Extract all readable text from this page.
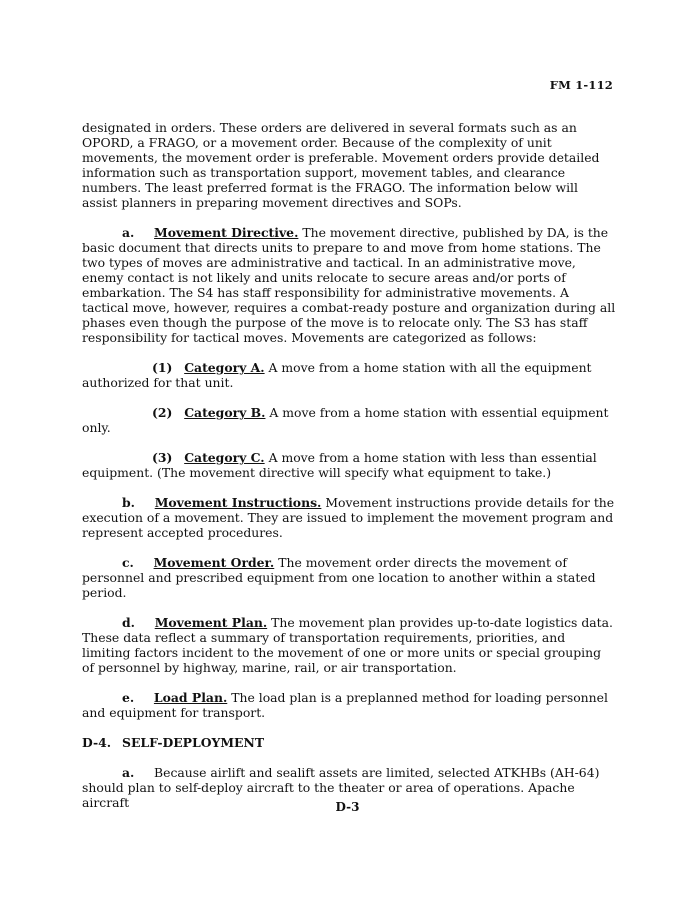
FM 1-112

designated in orders. These orders are delivered in several formats such as an OPORD, a FRAGO, or a movement order. Because of the complexity of unit movements, the movement order is preferable. Movement orders provide detailed information such as transportation support, movement tables, and clearance numbers. The least preferred format is the FRAGO. The information below will assist planners in preparing movement directives and SOPs.

a. Movement Directive. The movement directive, published by DA, is the basic document that directs units to prepare to and move from home stations. The two types of moves are administrative and tactical. In an administrative move, enemy contact is not likely and units relocate to secure areas and/or ports of embarkation. The S4 has staff responsibility for administrative movements. A tactical move, however, requires a combat-ready posture and organization during all phases even though the purpose of the move is to relocate only. The S3 has staff responsibility for tactical moves. Movements are categorized as follows:

(1) Category A. A move from a home station with all the equipment authorized for that unit.

(2) Category B. A move from a home station with essential equipment only.

(3) Category C. A move from a home station with less than essential equipment. (The movement directive will specify what equipment to take.)

b. Movement Instructions. Movement instructions provide details for the execution of a movement. They are issued to implement the movement program and represent accepted procedures.

c. Movement Order. The movement order directs the movement of personnel and prescribed equipment from one location to another within a stated period.

d. Movement Plan. The movement plan provides up-to-date logistics data. These data reflect a summary of transportation requirements, priorities, and limiting factors incident to the movement of one or more units or special grouping of personnel by highway, marine, rail, or air transportation.

e. Load Plan. The load plan is a preplanned method for loading personnel and equipment for transport.

D-4. SELF-DEPLOYMENT

a. Because airlift and sealift assets are limited, selected ATKHBs (AH-64) should plan to self-deploy aircraft to the theater or area of operations. Apache aircraft	D-3
